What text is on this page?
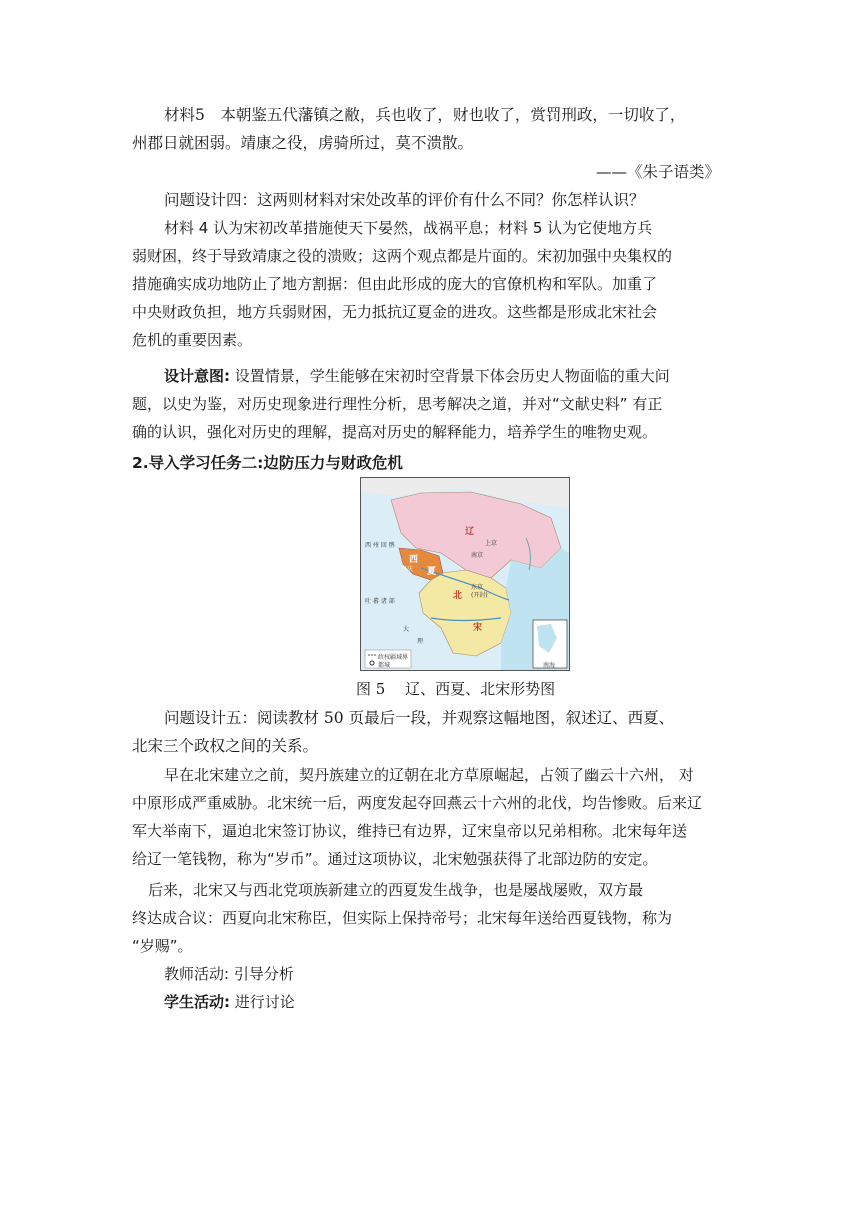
材料5　本朝鉴五代藩镇之敝，兵也收了，财也收了，赏罚刑政，一切收了，
州郡日就困弱。靖康之役，虏骑所过，莫不溃散。
——《朱子语类》
问题设计四：这两则材料对宋处改革的评价有什么不同？你怎样认识？
材料 4 认为宋初改革措施使天下晏然，战祸平息；材料 5 认为它使地方兵
弱财困，终于导致靖康之役的溃败；这两个观点都是片面的。宋初加强中央集权的
措施确实成功地防止了地方割据：但由此形成的庞大的官僚机构和军队。加重了
中央财政负担，地方兵弱财困，无力抵抗辽夏金的进攻。这些都是形成北宋社会
危机的重要因素。
设计意图: 设置情景，学生能够在宋初时空背景下体会历史人物面临的重大问
题，以史为鉴，对历史现象进行理性分析，思考解决之道，并对“文献史料” 有正
确的认识，强化对历史的理解，提高对历史的解释能力，培养学生的唯物史观。
2.导入学习任务二:边防压力与财政危机
辽
西
夏
北
宋
西 州 回 鹘
吐 蕃 诸 部
大
理
上京
南京
兴庆
东京
(开封)
政权疆域界
都城	南海
图 5　 辽、西夏、北宋形势图
问题设计五：阅读教材 50 页最后一段，并观察这幅地图，叙述辽、西夏、
北宋三个政权之间的关系。
早在北宋建立之前，契丹族建立的辽朝在北方草原崛起，占领了幽云十六州， 对
中原形成严重威胁。北宋统一后，两度发起夺回燕云十六州的北伐，均告惨败。后来辽
军大举南下，逼迫北宋签订协议，维持已有边界，辽宋皇帝以兄弟相称。北宋每年送
给辽一笔钱物，称为“岁币”。通过这项协议，北宋勉强获得了北部边防的安定。
后来，北宋又与西北党项族新建立的西夏发生战争，也是屡战屡败，双方最
终达成合议：西夏向北宋称臣，但实际上保持帝号；北宋每年送给西夏钱物，称为
“岁赐”。
教师活动: 引导分析
学生活动: 进行讨论
